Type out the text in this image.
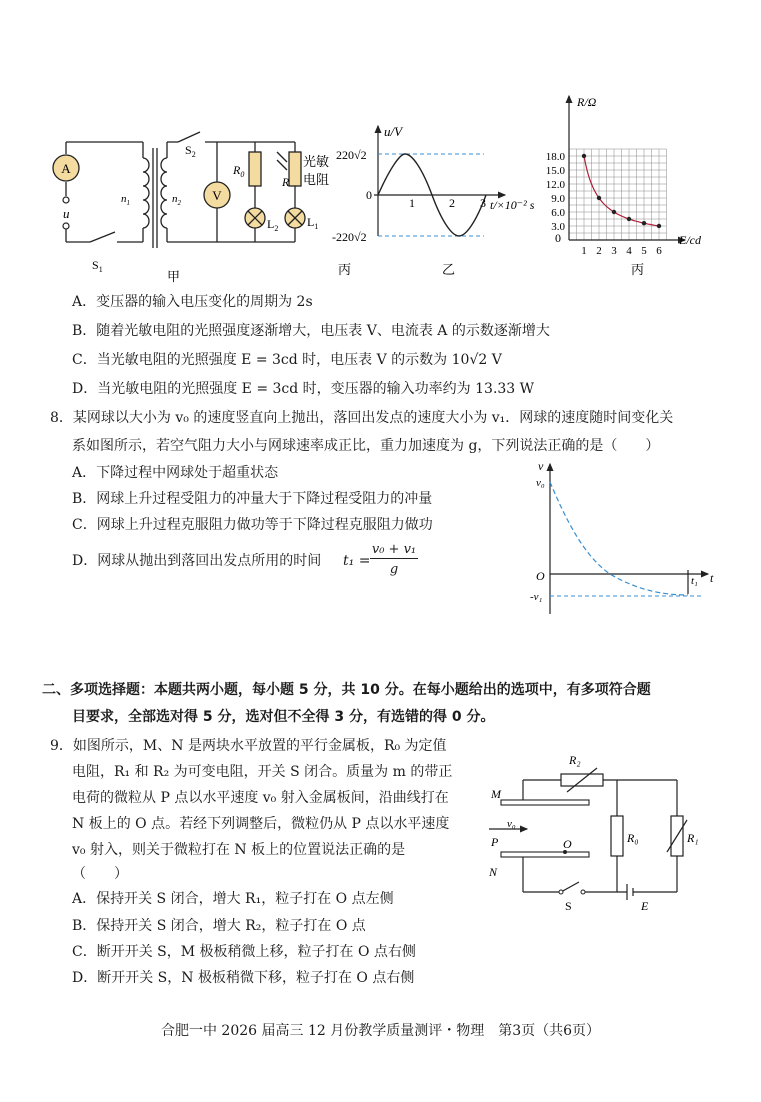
A
u
V
$S_1$
$S_2$
$n_1$	$n_2$
$R_0$
R
光敏
电阻
$L_2$ $L_1$
甲
u/V
220√2
0
-220√2
1	2 3 t/×10⁻² s
丙	乙
18.0
15.0
12.0
9.0
6.0
3.0
1 2 3 4 5 6
R/Ω
0	E/cd
丙
A．变压器的输入电压变化的周期为 2s
B．随着光敏电阻的光照强度逐渐增大，电压表 V、电流表 A 的示数逐渐增大
C．当光敏电阻的光照强度 E = 3cd 时，电压表 V 的示数为 10√2 V
D．当光敏电阻的光照强度 E = 3cd 时，变压器的输入功率约为 13.33 W
8．某网球以大小为 v₀ 的速度竖直向上抛出，落回出发点的速度大小为 v₁．网球的速度随时间变化关
系如图所示，若空气阻力大小与网球速率成正比，重力加速度为 g，下列说法正确的是（　　）
A．下降过程中网球处于超重状态
B．网球上升过程受阻力的冲量大于下降过程受阻力的冲量
C．网球上升过程克服阻力做功等于下降过程克服阻力做功
D．网球从抛出到落回出发点所用的时间 t₁ =
v₀ + v₁
g
v
v₀
O	t
t₁
-v₁
二、多项选择题：本题共两小题，每小题 5 分，共 10 分。在每小题给出的选项中，有多项符合题
目要求，全部选对得 5 分，选对但不全得 3 分，有选错的得 0 分。
9．如图所示，M、N 是两块水平放置的平行金属板，R₀ 为定值
电阻，R₁ 和 R₂ 为可变电阻，开关 S 闭合。质量为 m 的带正
电荷的微粒从 P 点以水平速度 v₀ 射入金属板间，沿曲线打在
N 板上的 O 点。若经下列调整后，微粒仍从 P 点以水平速度
v₀ 射入，则关于微粒打在 N 板上的位置说法正确的是
（　　）
A．保持开关 S 闭合，增大 R₁，粒子打在 O 点左侧
B．保持开关 S 闭合，增大 R₂，粒子打在 O 点
C．断开开关 S，M 极板稍微上移，粒子打在 O 点右侧
D．断开开关 S，N 极板稍微下移，粒子打在 O 点右侧
M
N
P	O
v₀
R₂
R₀	R₁
S	E
合肥一中 2026 届高三 12 月份教学质量测评・物理　第3页（共6页）
